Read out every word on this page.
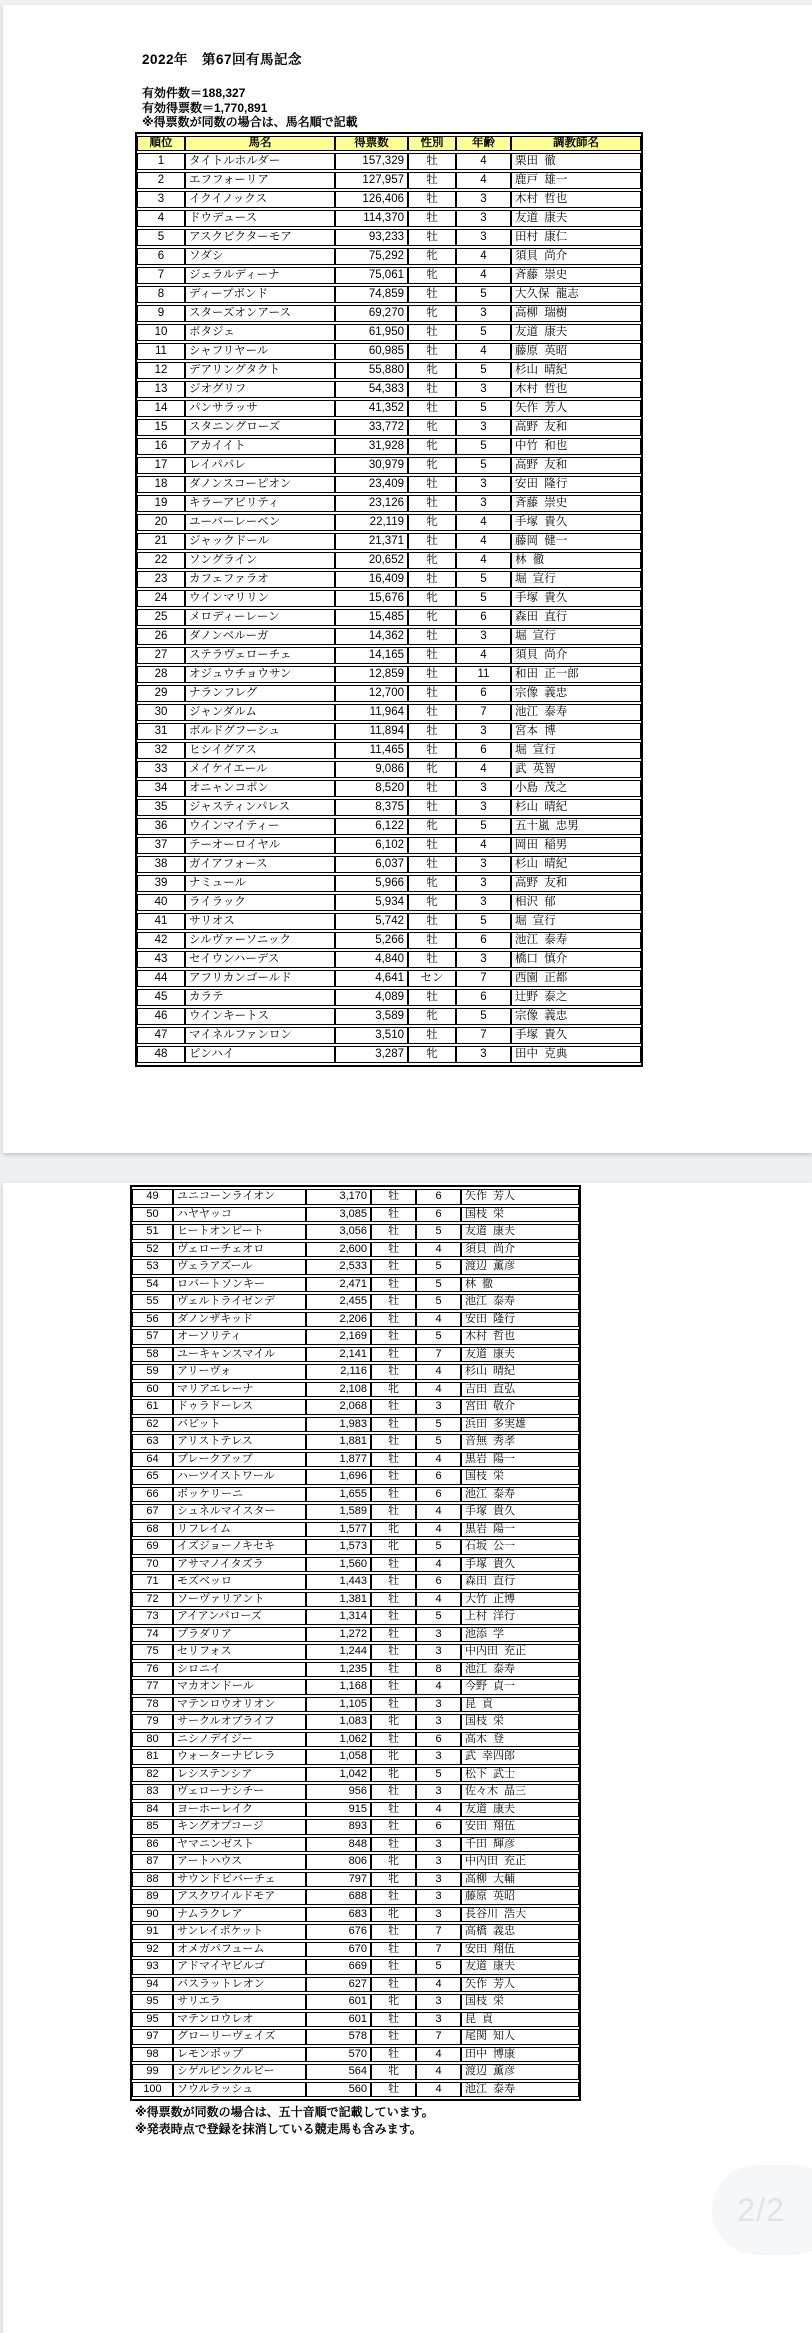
2022年　第67回有馬記念
有効件数＝188,327
有効得票数＝1,770,891
※得票数が同数の場合は、馬名順で記載
順位	馬名	得票数	性別	年齢	調教師名
1	タイトルホルダー	157,329	牡	4	栗田 徹
2	エフフォーリア	127,957	牡	4	鹿戸 雄一
3	イクイノックス	126,406	牡	3	木村 哲也
4	ドウデュース	114,370	牡	3	友道 康夫
5	アスクビクターモア	93,233	牡	3	田村 康仁
6	ソダシ	75,292	牝	4	須貝 尚介
7	ジェラルディーナ	75,061	牝	4	斉藤 崇史
8	ディープボンド	74,859	牡	5	大久保 龍志
9	スターズオンアース	69,270	牝	3	高柳 瑞樹
10	ポタジェ	61,950	牡	5	友道 康夫
11	シャフリヤール	60,985	牡	4	藤原 英昭
12	デアリングタクト	55,880	牝	5	杉山 晴紀
13	ジオグリフ	54,383	牡	3	木村 哲也
14	パンサラッサ	41,352	牡	5	矢作 芳人
15	スタニングローズ	33,772	牝	3	高野 友和
16	アカイイト	31,928	牝	5	中竹 和也
17	レイパパレ	30,979	牝	5	高野 友和
18	ダノンスコーピオン	23,409	牡	3	安田 隆行
19	キラーアビリティ	23,126	牡	3	斉藤 崇史
20	ユーバーレーベン	22,119	牝	4	手塚 貴久
21	ジャックドール	21,371	牡	4	藤岡 健一
22	ソングライン	20,652	牝	4	林 徹
23	カフェファラオ	16,409	牡	5	堀 宣行
24	ウインマリリン	15,676	牝	5	手塚 貴久
25	メロディーレーン	15,485	牝	6	森田 直行
26	ダノンベルーガ	14,362	牡	3	堀 宣行
27	ステラヴェローチェ	14,165	牡	4	須貝 尚介
28	オジュウチョウサン	12,859	牡	11	和田 正一郎
29	ナランフレグ	12,700	牡	6	宗像 義忠
30	ジャンダルム	11,964	牡	7	池江 泰寿
31	ボルドグフーシュ	11,894	牡	3	宮本 博
32	ヒシイグアス	11,465	牡	6	堀 宣行
33	メイケイエール	9,086	牝	4	武 英智
34	オニャンコポン	8,520	牡	3	小島 茂之
35	ジャスティンパレス	8,375	牡	3	杉山 晴紀
36	ウインマイティー	6,122	牝	5	五十嵐 忠男
37	テーオーロイヤル	6,102	牡	4	岡田 稲男
38	ガイアフォース	6,037	牡	3	杉山 晴紀
39	ナミュール	5,966	牝	3	高野 友和
40	ライラック	5,934	牝	3	相沢 郁
41	サリオス	5,742	牡	5	堀 宣行
42	シルヴァーソニック	5,266	牡	6	池江 泰寿
43	セイウンハーデス	4,840	牡	3	橋口 慎介
44	アフリカンゴールド	4,641	セン	7	西園 正都
45	カラテ	4,089	牡	6	辻野 泰之
46	ウインキートス	3,589	牝	5	宗像 義忠
47	マイネルファンロン	3,510	牡	7	手塚 貴久
48	ピンハイ	3,287	牝	3	田中 克典
49	ユニコーンライオン	3,170	牡	6	矢作 芳人
50	ハヤヤッコ	3,085	牡	6	国枝 栄
51	ヒートオンビート	3,056	牡	5	友道 康夫
52	ヴェローチェオロ	2,600	牡	4	須貝 尚介
53	ヴェラアズール	2,533	牡	5	渡辺 薫彦
54	ロバートソンキー	2,471	牡	5	林 徹
55	ヴェルトライゼンデ	2,455	牡	5	池江 泰寿
56	ダノンザキッド	2,206	牡	4	安田 隆行
57	オーソリティ	2,169	牡	5	木村 哲也
58	ユーキャンスマイル	2,141	牡	7	友道 康夫
59	アリーヴォ	2,116	牡	4	杉山 晴紀
60	マリアエレーナ	2,108	牝	4	吉田 直弘
61	ドゥラドーレス	2,068	牡	3	宮田 敬介
62	バビット	1,983	牡	5	浜田 多実雄
63	アリストテレス	1,881	牡	5	音無 秀孝
64	ブレークアップ	1,877	牡	4	黒岩 陽一
65	ハーツイストワール	1,696	牡	6	国枝 栄
66	ボッケリーニ	1,655	牡	6	池江 泰寿
67	シュネルマイスター	1,589	牡	4	手塚 貴久
68	リフレイム	1,577	牝	4	黒岩 陽一
69	イズジョーノキセキ	1,573	牝	5	石坂 公一
70	アサマノイタズラ	1,560	牡	4	手塚 貴久
71	モズベッロ	1,443	牡	6	森田 直行
72	ソーヴァリアント	1,381	牡	4	大竹 正博
73	アイアンバローズ	1,314	牡	5	上村 洋行
74	プラダリア	1,272	牡	3	池添 学
75	セリフォス	1,244	牡	3	中内田 充正
76	シロニイ	1,235	牡	8	池江 泰寿
77	マカオンドール	1,168	牡	4	今野 貞一
78	マテンロウオリオン	1,105	牡	3	昆 貢
79	サークルオブライフ	1,083	牝	3	国枝 栄
80	ニシノデイジー	1,062	牡	6	高木 登
81	ウォーターナビレラ	1,058	牝	3	武 幸四郎
82	レシステンシア	1,042	牝	5	松下 武士
83	ヴェローナシチー	956	牡	3	佐々木 晶三
84	ヨーホーレイク	915	牡	4	友道 康夫
85	キングオブコージ	893	牡	6	安田 翔伍
86	ヤマニンゼスト	848	牡	3	千田 輝彦
87	アートハウス	806	牝	3	中内田 充正
88	サウンドビバーチェ	797	牝	3	高柳 大輔
89	アスクワイルドモア	688	牡	3	藤原 英昭
90	ナムラクレア	683	牝	3	長谷川 浩大
91	サンレイポケット	676	牡	7	高橋 義忠
92	オメガパフューム	670	牡	7	安田 翔伍
93	アドマイヤビルゴ	669	牡	5	友道 康夫
94	バスラットレオン	627	牡	4	矢作 芳人
95	サリエラ	601	牝	3	国枝 栄
95	マテンロウレオ	601	牡	3	昆 貢
97	グローリーヴェイズ	578	牡	7	尾関 知人
98	レモンポップ	570	牡	4	田中 博康
99	シゲルピンクルビー	564	牝	4	渡辺 薫彦
100	ソウルラッシュ	560	牡	4	池江 泰寿
※得票数が同数の場合は、五十音順で記載しています。
※発表時点で登録を抹消している競走馬も含みます。
2/2
